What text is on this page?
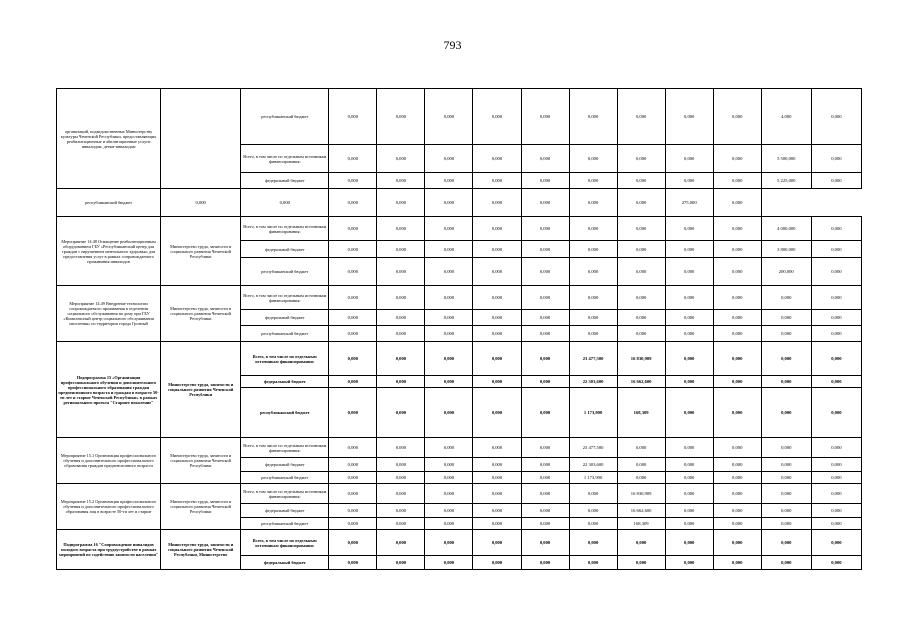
793
организаций, подведомственных Министерству культуры Чеченской Республики, предоставляющих реабилитационные и абилитационные услуги инвалидам, детям-инвалидам		республиканский бюджет	0,000	0,000	0,000	0,000	0,000	0,000	0,000	0,000	0,000	4,000	0,000
		Всего, в том числе по отдельным источникам финансирования:	0,000	0,000	0,000	0,000	0,000	0,000	0,000	0,000	0,000	5 500,000	0,000
		федеральный бюджет	0,000	0,000	0,000	0,000	0,000	0,000	0,000	0,000	0,000	5 225,000	0,000
республиканский бюджет	0,000	0,000	0,000	0,000	0,000	0,000	0,000	0,000	0,000	275,000	0,000		
Мероприятие 14.48 Оснащение реабилитационным оборудованием ГБУ «Республиканский центр для граждан с нарушением ментального здоровья» для предоставления услуг в рамках сопровождаемого проживания инвалидов	Министерство труда, занятости и социального развития Чеченской Республики	Всего, в том числе по отдельным источникам финансирования:	0,000	0,000	0,000	0,000	0,000	0,000	0,000	0,000	0,000	4 000,000	0,000
		федеральный бюджет	0,000	0,000	0,000	0,000	0,000	0,000	0,000	0,000	0,000	3 800,000	0,000
		республиканский бюджет	0,000	0,000	0,000	0,000	0,000	0,000	0,000	0,000	0,000	200,000	0,000
Мероприятие 14.49 Внедрение технологии сопровождаемого проживания в отделении социального обслуживания на дому при ГБУ «Комплексный центр социального обслуживания населения» по территории города Грозный	Министерство труда, занятости и социального развития Чеченской Республики	Всего, в том числе по отдельным источникам финансирования:	0,000	0,000	0,000	0,000	0,000	0,000	0,000	0,000	0,000	0,000	0,000
		федеральный бюджет	0,000	0,000	0,000	0,000	0,000	0,000	0,000	0,000	0,000	0,000	0,000
		республиканский бюджет	0,000	0,000	0,000	0,000	0,000	0,000	0,000	0,000	0,000	0,000	0,000
Подпрограмма 15 «Организация профессионального обучения и дополнительного профессионального образования граждан предпенсионного возраста и граждан в возрасте 50-ти лет и старше Чеченской Республики» в рамках регионального проекта "Старшее поколение"	Министерство труда, занятости и социального развития Чеченской Республики	Всего, в том числе по отдельным источникам финансирования:	0,000	0,000	0,000	0,000	0,000	23 477,500	16 830,909	0,000	0,000	0,000	0,000
		федеральный бюджет	0,000	0,000	0,000	0,000	0,000	22 303,600	16 662,600	0,000	0,000	0,000	0,000
		республиканский бюджет	0,000	0,000	0,000	0,000	0,000	1 173,900	168,309	0,000	0,000	0,000	0,000
Мероприятие 15.1 Организация профессионального обучения и дополнительного профессионального образования граждан предпенсионного возраста	Министерство труда, занятости и социального развития Чеченской Республики	Всего, в том числе по отдельным источникам финансирования:	0,000	0,000	0,000	0,000	0,000	23 477,500	0,000	0,000	0,000	0,000	0,000
		федеральный бюджет	0,000	0,000	0,000	0,000	0,000	22 303,600	0,000	0,000	0,000	0,000	0,000
		республиканский бюджет	0,000	0,000	0,000	0,000	0,000	1 173,900	0,000	0,000	0,000	0,000	0,000
Мероприятие 15.2 Организация профессионального обучения и дополнительного профессионального образования лиц в возрасте 50-ти лет и старше	Министерство труда, занятости и социального развития Чеченской Республики	Всего, в том числе по отдельным источникам финансирования:	0,000	0,000	0,000	0,000	0,000	0,000	16 830,909	0,000	0,000	0,000	0,000
		федеральный бюджет	0,000	0,000	0,000	0,000	0,000	0,000	16 662,600	0,000	0,000	0,000	0,000
		республиканский бюджет	0,000	0,000	0,000	0,000	0,000	0,000	168,309	0,000	0,000	0,000	0,000
Подпрограмма 16 "Сопровождение инвалидов молодого возраста при трудоустройстве в рамках мероприятий по содействию занятости населения"	Министерство труда, занятости и социального развития Чеченской Республики, Министерство	Всего, в том числе по отдельным источникам финансирования:	0,000	0,000	0,000	0,000	0,000	0,000	0,000	0,000	0,000	0,000	0,000
		федеральный бюджет	0,000	0,000	0,000	0,000	0,000	0,000	0,000	0,000	0,000	0,000	0,000
